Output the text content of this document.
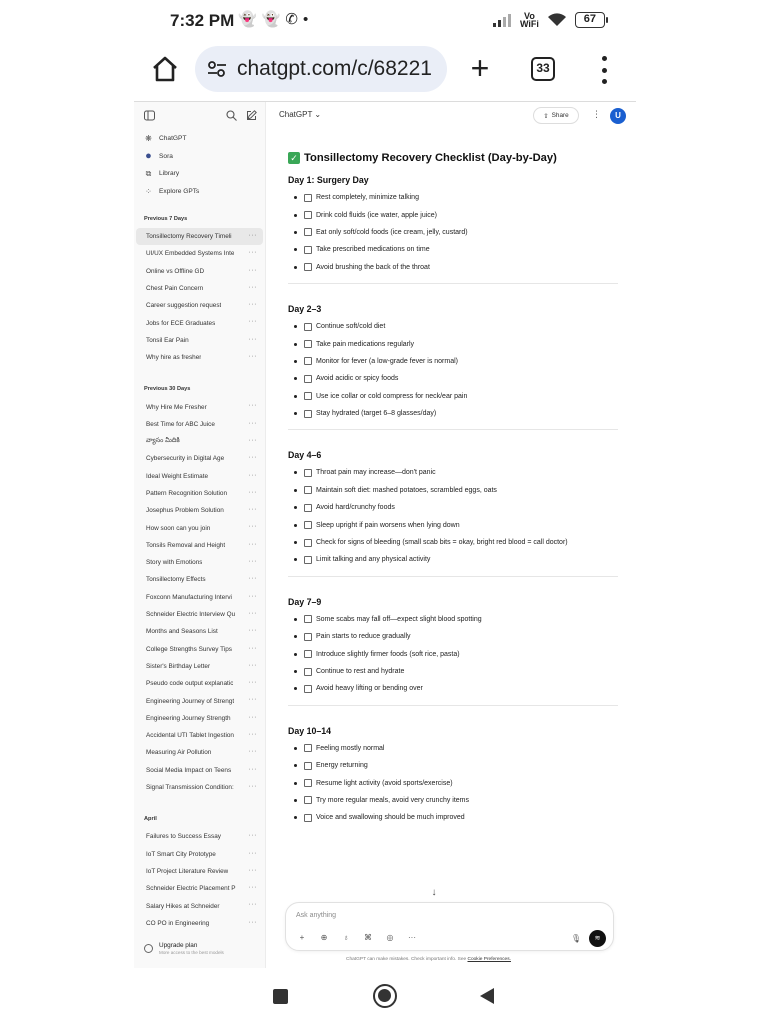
7:32 PM 👻 👻 ✆ •	Vo
WiFi	67
chatgpt.com/c/68221 +	33
❋ ChatGPT
● Sora
⧉ Library
⁘ Explore GPTs
Previous 7 Days
Tonsillectomy Recovery Timeli ···
UI/UX Embedded Systems Inte ···
Online vs Offline GD	···
Chest Pain Concern	···
Career suggestion request	···
Jobs for ECE Graduates	···
Tonsil Ear Pain	···
Why hire as fresher	···
Previous 30 Days
Why Hire Me Fresher	···
Best Time for ABC Juice	···
వ్యాసం మీదికి	···
Cybersecurity in Digital Age	···
Ideal Weight Estimate	···
Pattern Recognition Solution	···
Josephus Problem Solution	···
How soon can you join	···
Tonsils Removal and Height	···
Story with Emotions	···
Tonsillectomy Effects	···
Foxconn Manufacturing Intervi ···
Schneider Electric Interview Qu ···
Months and Seasons List	···
College Strengths Survey Tips ···
Sister's Birthday Letter	···
Pseudo code output explanatic ···
Engineering Journey of Strengt ···
Engineering Journey Strength	···
Accidental UTI Tablet Ingestion ···
Measuring Air Pollution	···
Social Media Impact on Teens ···
Signal Transmission Condition: ···
April
Failures to Success Essay	···
IoT Smart City Prototype	···
IoT Project Literature Review	···
Schneider Electric Placement P ···
Salary Hikes at Schneider	···
CO PO in Engineering	···
Upgrade plan
More access to the best models
ChatGPT ⌄	⇪ Share	⋮	U
✓ Tonsillectomy Recovery Checklist (Day-by-Day)
Day 1: Surgery Day
Rest completely, minimize talking
Drink cold fluids (ice water, apple juice)
Eat only soft/cold foods (ice cream, jelly, custard)
Take prescribed medications on time
Avoid brushing the back of the throat
Day 2–3
Continue soft/cold diet
Take pain medications regularly
Monitor for fever (a low-grade fever is normal)
Avoid acidic or spicy foods
Use ice collar or cold compress for neck/ear pain
Stay hydrated (target 6–8 glasses/day)
Day 4–6
Throat pain may increase—don't panic
Maintain soft diet: mashed potatoes, scrambled eggs, oats
Avoid hard/crunchy foods
Sleep upright if pain worsens when lying down
Check for signs of bleeding (small scab bits = okay, bright red blood = call doctor)
Limit talking and any physical activity
Day 7–9
Some scabs may fall off—expect slight blood spotting
Pain starts to reduce gradually
Introduce slightly firmer foods (soft rice, pasta)
Continue to rest and hydrate
Avoid heavy lifting or bending over
Day 10–14
Feeling mostly normal
Energy returning
Resume light activity (avoid sports/exercise)
Try more regular meals, avoid very crunchy items
Voice and swallowing should be much improved
↓
Ask anything
+	⊕	♁	⌘	◎	···	🎙	≋
ChatGPT can make mistakes. Check important info. See Cookie Preferences.
